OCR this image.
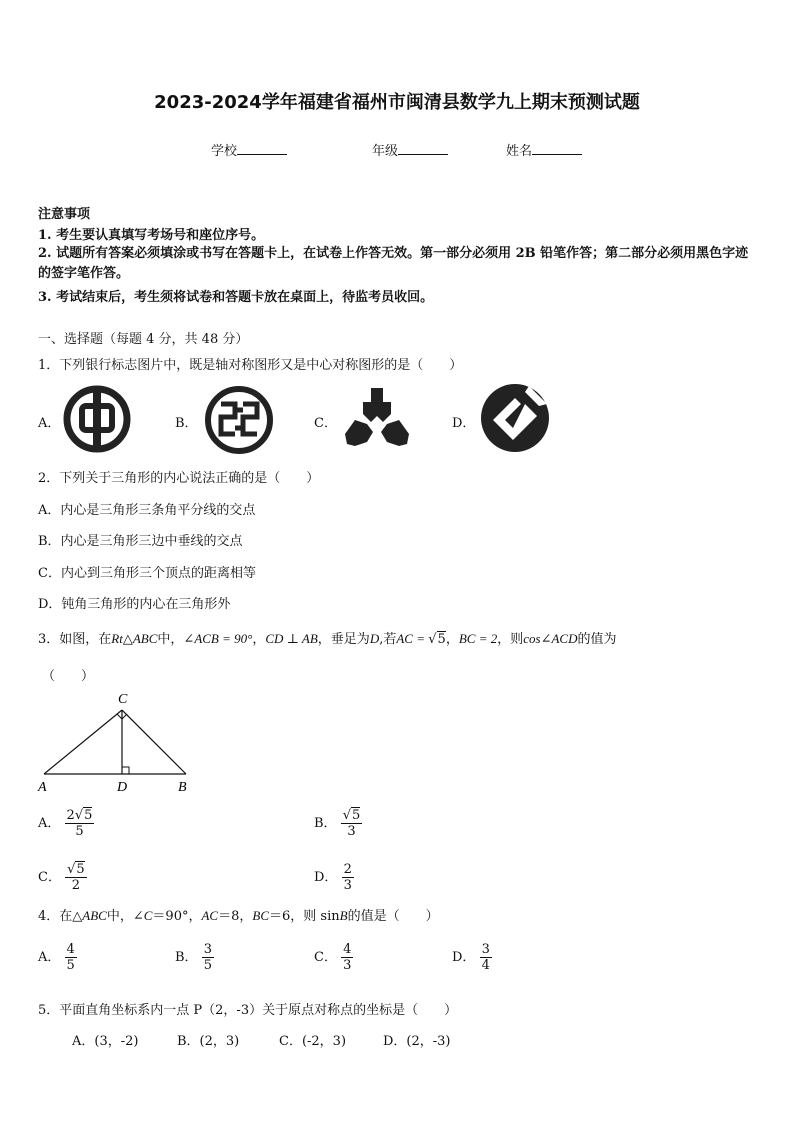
2023-2024学年福建省福州市闽清县数学九上期末预测试题
学校	年级	姓名
注意事项
1. 考生要认真填写考场号和座位序号。
2. 试题所有答案必须填涂或书写在答题卡上，在试卷上作答无效。第一部分必须用 2B 铅笔作答；第二部分必须用黑色字迹的签字笔作答。
3. 考试结束后，考生须将试卷和答题卡放在桌面上，待监考员收回。
一、选择题（每题 4 分，共 48 分）
1．下列银行标志图片中，既是轴对称图形又是中心对称图形的是（　　）
A．	B．	C．	D．
2．下列关于三角形的内心说法正确的是（　　）
A．内心是三角形三条角平分线的交点
B．内心是三角形三边中垂线的交点
C．内心到三角形三个顶点的距离相等
D．钝角三角形的内心在三角形外
3．如图，在Rt△ABC中，∠ACB = 90°，CD ⊥ AB，垂足为D,若AC = √5，BC = 2，则cos∠ACD的值为
（　　）
C
A	D	B
A． $\frac{2√5}{5}$	B． $\frac{√5}{3}$
C． $\frac{√5}{2}$	D． $\frac{2}{3}$
4．在△ABC中，∠C＝90°，AC＝8，BC＝6，则 sinB的值是（　　）
A． $\frac{4}{5}$	B． $\frac{3}{5}$	C． $\frac{4}{3}$	D． $\frac{3}{4}$
5．平面直角坐标系内一点 P（2，-3）关于原点对称点的坐标是（　　）
A．(3，-2)	B．(2，3)	C．(-2，3)	D．(2，-3)
